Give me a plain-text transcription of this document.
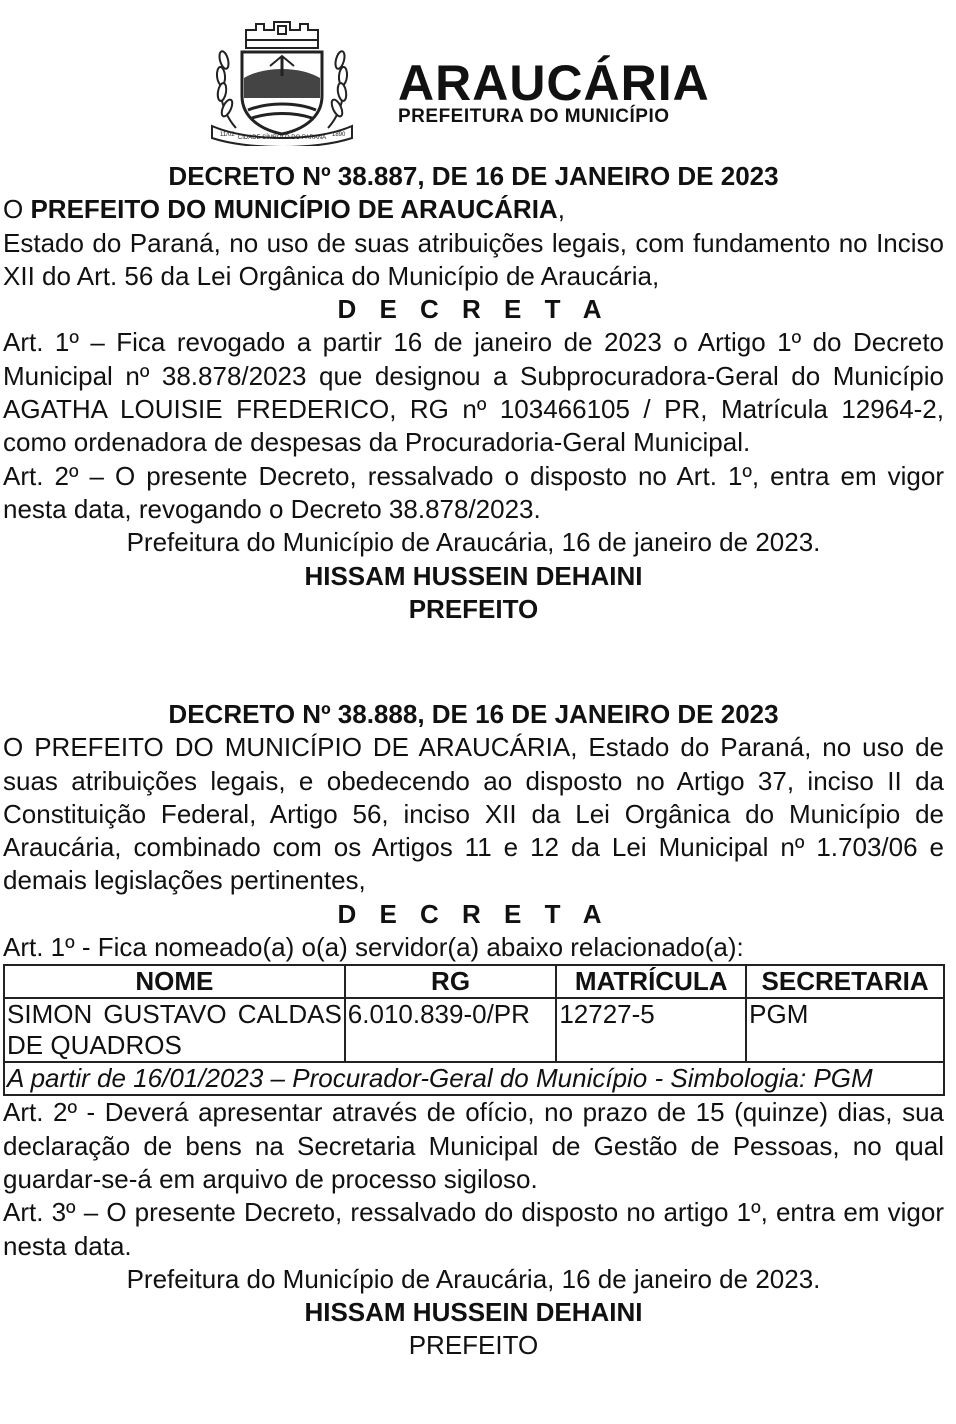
11/02 CIDADE SÍMBOLO DO PARANÁ 1890
ARAUCÁRIA
PREFEITURA DO MUNICÍPIO

DECRETO Nº 38.887, DE 16 DE JANEIRO DE 2023

O PREFEITO DO MUNICÍPIO DE ARAUCÁRIA,

Estado do Paraná, no uso de suas atribuições legais, com fundamento no Inciso XII do Art. 56 da Lei Orgânica do Município de Araucária,

D E C R E T A

Art. 1º – Fica revogado a partir 16 de janeiro de 2023 o Artigo 1º do Decreto Municipal nº 38.878/2023 que designou a Subprocuradora-Geral do Município AGATHA LOUISIE FREDERICO, RG nº 103466105 / PR, Matrícula 12964-2, como ordenadora de despesas da Procuradoria-Geral Municipal.

Art. 2º – O presente Decreto, ressalvado o disposto no Art. 1º, entra em vigor nesta data, revogando o Decreto 38.878/2023.

Prefeitura do Município de Araucária, 16 de janeiro de 2023.

HISSAM HUSSEIN DEHAINI

PREFEITO

DECRETO Nº 38.888, DE 16 DE JANEIRO DE 2023

O PREFEITO DO MUNICÍPIO DE ARAUCÁRIA, Estado do Paraná, no uso de suas atribuições legais, e obedecendo ao disposto no Artigo 37, inciso II da Constituição Federal, Artigo 56, inciso XII da Lei Orgânica do Município de Araucária, combinado com os Artigos 11 e 12 da Lei Municipal nº 1.703/06 e demais legislações pertinentes,

D E C R E T A

Art. 1º - Fica nomeado(a) o(a) servidor(a) abaixo relacionado(a):

NOME	RG	MATRÍCULA	SECRETARIA
SIMON GUSTAVO CALDAS DE QUADROS	6.010.839-0/PR	12727-5	PGM
A partir de 16/01/2023 – Procurador-Geral do Município - Simbologia: PGM			

Art. 2º - Deverá apresentar através de ofício, no prazo de 15 (quinze) dias, sua declaração de bens na Secretaria Municipal de Gestão de Pessoas, no qual guardar-se-á em arquivo de processo sigiloso.

Art. 3º – O presente Decreto, ressalvado do disposto no artigo 1º, entra em vigor nesta data.

Prefeitura do Município de Araucária, 16 de janeiro de 2023.

HISSAM HUSSEIN DEHAINI

PREFEITO
